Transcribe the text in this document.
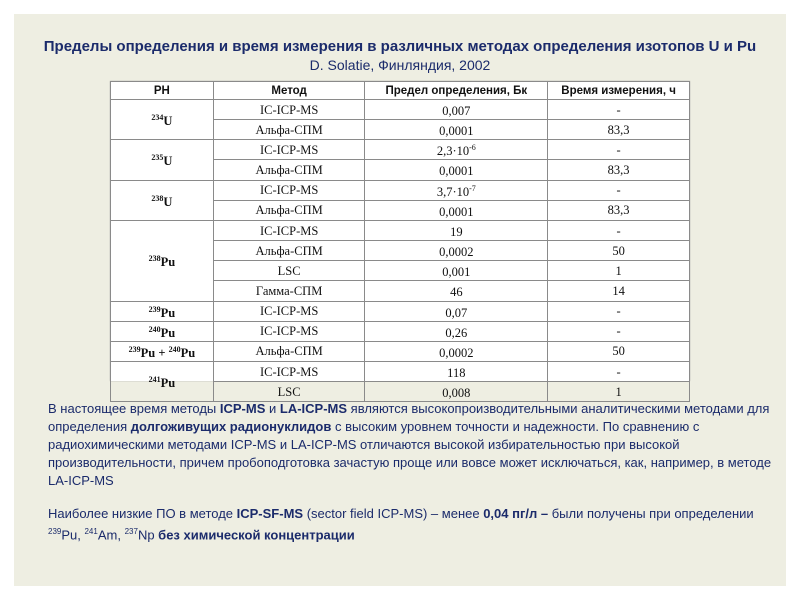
Пределы определения и время измерения в различных методах определения изотопов U и Pu
D. Solatie, Финляндия, 2002
PH	Метод	Предел определения, Бк	Время измерения, ч
$^{234}$U	IC-ICP-MS	0,007	-
	Альфа-СПМ	0,0001	83,3
$^{235}$U	IC-ICP-MS	$2,3\cdot 10^{-6}$	-
	Альфа-СПМ	0,0001	83,3
$^{238}$U	IC-ICP-MS	$3,7\cdot 10^{-7}$	-
	Альфа-СПМ	0,0001	83,3
$^{238}$Pu	IC-ICP-MS	19	-
	Альфа-СПМ	0,0002	50
	LSC	0,001	1
	Гамма-СПМ	46	14
$^{239}$Pu	IC-ICP-MS	0,07	-
$^{240}$Pu	IC-ICP-MS	0,26	-
$^{239}$Pu + $^{240}$Pu	Альфа-СПМ	0,0002	50
$^{241}$Pu	IC-ICP-MS	118	-
	LSC	0,008	1
В настоящее время методы ICP-MS и LA-ICP-MS являются высокопроизводительными аналитическими методами для определения долгоживущих радионуклидов с высоким уровнем точности и надежности. По сравнению с радиохимическими методами ICP-MS и LA-ICP-MS отличаются высокой избирательностью при высокой производительности, причем пробоподготовка зачастую проще или вовсе может исключаться, как, например, в методе LA-ICP-MS
Наиболее низкие ПО в методе ICP-SF-MS (sector field ICP-MS) – менее 0,04 пг/л – были получены при определении $^{239}$Pu, $^{241}$Am, $^{237}$Np без химической концентрации
